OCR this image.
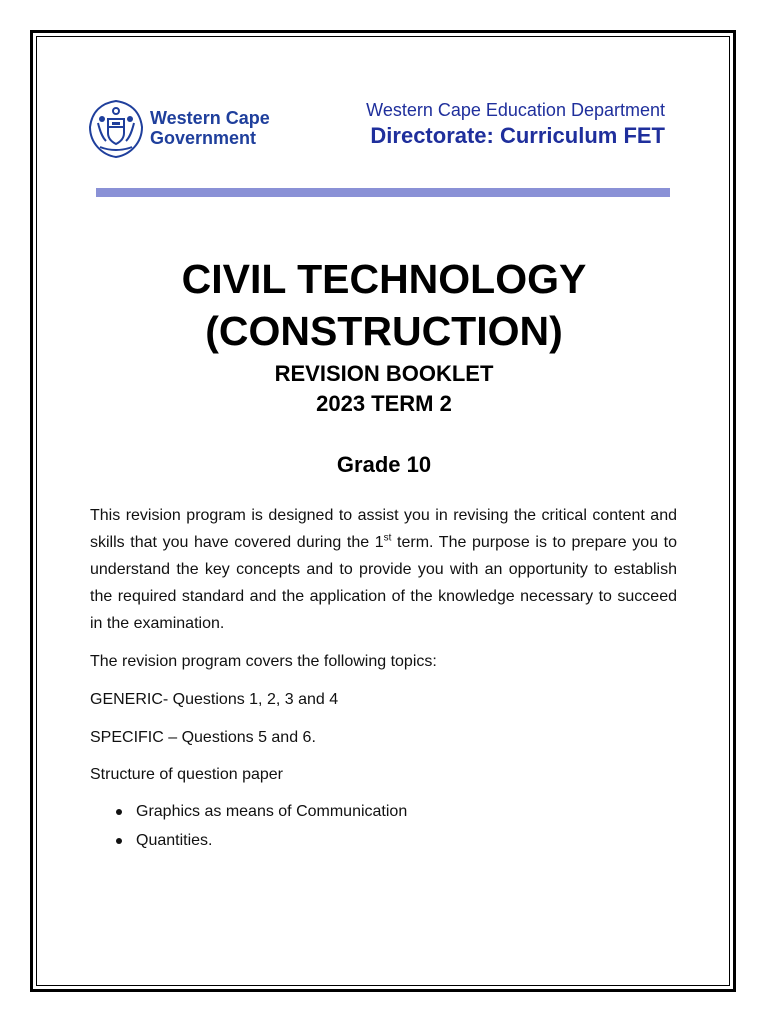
Western Cape
Government
Western Cape Education Department
Directorate: Curriculum FET
CIVIL TECHNOLOGY
(CONSTRUCTION)
REVISION BOOKLET
2023 TERM 2
Grade 10
This revision program is designed to assist you in revising the critical content and skills that you have covered during the 1st term. The purpose is to prepare you to understand the key concepts and to provide you with an opportunity to establish the required standard and the application of the knowledge necessary to succeed in the examination.
The revision program covers the following topics:
GENERIC- Questions 1, 2, 3 and 4
SPECIFIC – Questions 5 and 6.
Structure of question paper
Graphics as means of Communication
Quantities.
